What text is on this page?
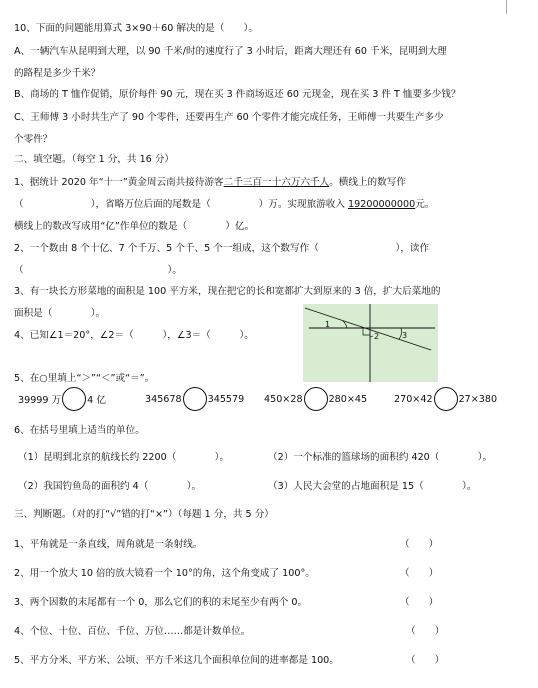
10、下面的问题能用算式 3×90＋60 解决的是（　　）。
A、一辆汽车从昆明到大理，以 90 千米/时的速度行了 3 小时后，距离大理还有 60 千米，昆明到大理
的路程是多少千米？
B、商场的 T 恤作促销，原价每件 90 元，现在买 3 件商场返还 60 元现金，现在买 3 件 T 恤要多少钱？
C、王师傅 3 小时共生产了 90 个零件，还要再生产 60 个零件才能完成任务，王师傅一共要生产多少
个零件？
二、填空题。（每空 1 分，共 16 分）
1、据统计 2020 年“十一”黄金周云南共接待游客二千三百一十六万六千人。横线上的数写作
（　　　　　　　），省略万位后面的尾数是（　　　　　）万。实现旅游收入 19200000000元。
横线上的数改写成用“亿”作单位的数是（　　　　）亿。
2、一个数由 8 个十亿、7 个千万、5 个千、5 个一组成，这个数写作（　　　　　　　　），读作
（　　　　　　　　　　　　　　　）。
3、有一块长方形菜地的面积是 100 平方米，现在把它的长和宽都扩大到原来的 3 倍，扩大后菜地的
面积是（　　　　）。
4、已知∠1＝20°，∠2＝（　　　），∠3＝（　　　）。
1
2	3
5、在○里填上“＞”“＜”或“＝”。
39999 万	4 亿	345678	345579 450×28	280×45	270×42	27×380
6、在括号里填上适当的单位。
（1）昆明到北京的航线长约 2200（　　　　）。	（2）一个标准的篮球场的面积约 420（　　　　）。
（2）我国钓鱼岛的面积约 4（　　　　）。	（3）人民大会堂的占地面积是 15（　　　　）。
三、判断题。（对的打“√”错的打“×”）（每题 1 分，共 5 分）
1、平角就是一条直线，周角就是一条射线。	（　　）
2、用一个放大 10 倍的放大镜看一个 10°的角，这个角变成了 100°。	（　　）
3、两个因数的末尾都有一个 0，那么它们的积的末尾至少有两个 0。	（　　）
4、个位、十位、百位、千位、万位……都是计数单位。	（　　）
5、平方分米、平方米、公顷、平方千米这几个面积单位间的进率都是 100。	（　　）
